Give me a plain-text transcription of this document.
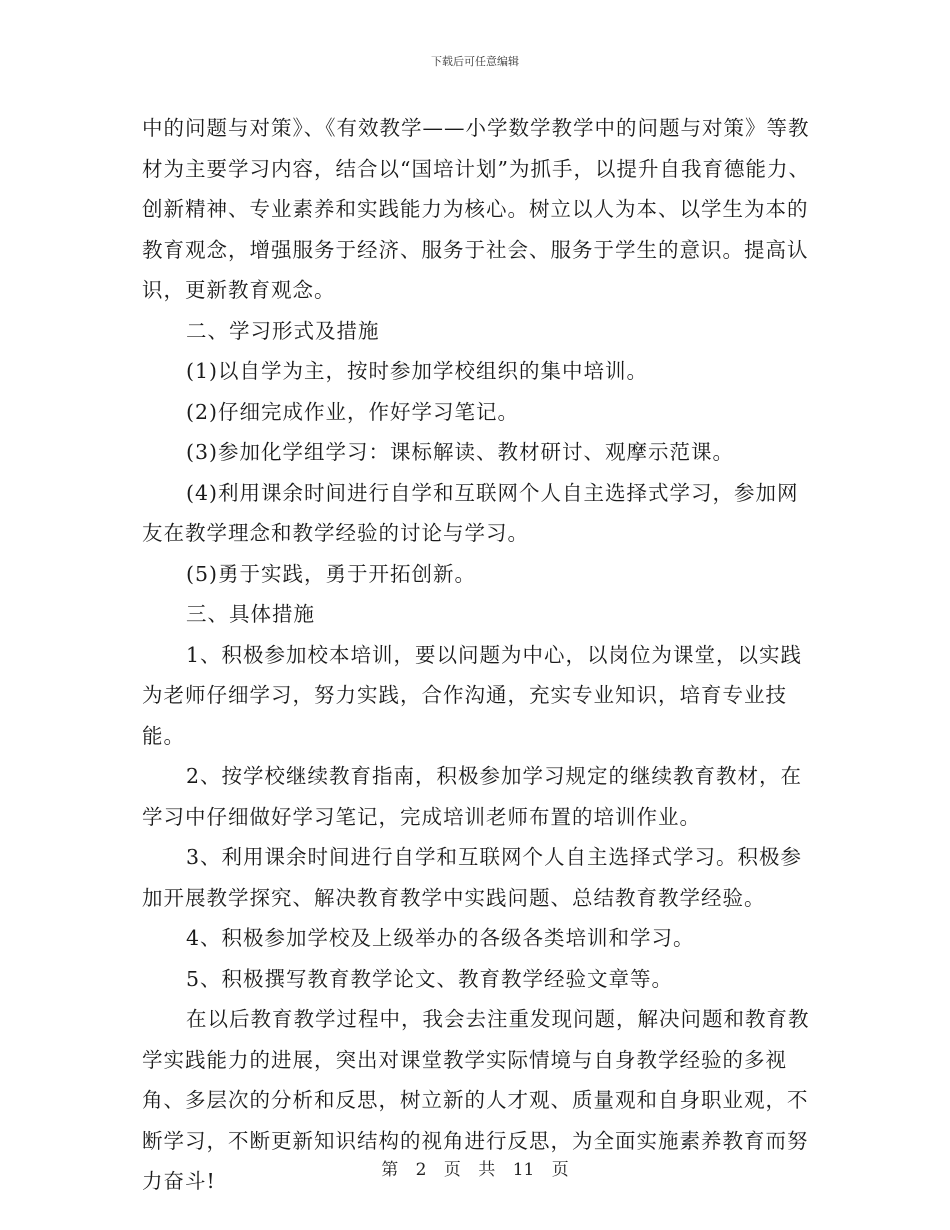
下载后可任意编辑

中的问题与对策》、《有效教学——小学数学教学中的问题与对策》等教材为主要学习内容，结合以“国培计划”为抓手，以提升自我育德能力、创新精神、专业素养和实践能力为核心。树立以人为本、以学生为本的教育观念，增强服务于经济、服务于社会、服务于学生的意识。提高认识，更新教育观念。

二、学习形式及措施

(1)以自学为主，按时参加学校组织的集中培训。

(2)仔细完成作业，作好学习笔记。

(3)参加化学组学习：课标解读、教材研讨、观摩示范课。

(4)利用课余时间进行自学和互联网个人自主选择式学习，参加网友在教学理念和教学经验的讨论与学习。

(5)勇于实践，勇于开拓创新。

三、具体措施

1、积极参加校本培训，要以问题为中心，以岗位为课堂，以实践为老师仔细学习，努力实践，合作沟通，充实专业知识，培育专业技能。

2、按学校继续教育指南，积极参加学习规定的继续教育教材，在学习中仔细做好学习笔记，完成培训老师布置的培训作业。

3、利用课余时间进行自学和互联网个人自主选择式学习。积极参加开展教学探究、解决教育教学中实践问题、总结教育教学经验。

4、积极参加学校及上级举办的各级各类培训和学习。

5、积极撰写教育教学论文、教育教学经验文章等。

在以后教育教学过程中，我会去注重发现问题，解决问题和教育教学实践能力的进展，突出对课堂教学实际情境与自身教学经验的多视角、多层次的分析和反思，树立新的人才观、质量观和自身职业观，不断学习，不断更新知识结构的视角进行反思，为全面实施素养教育而努力奋斗!	第 2 页 共 11 页
